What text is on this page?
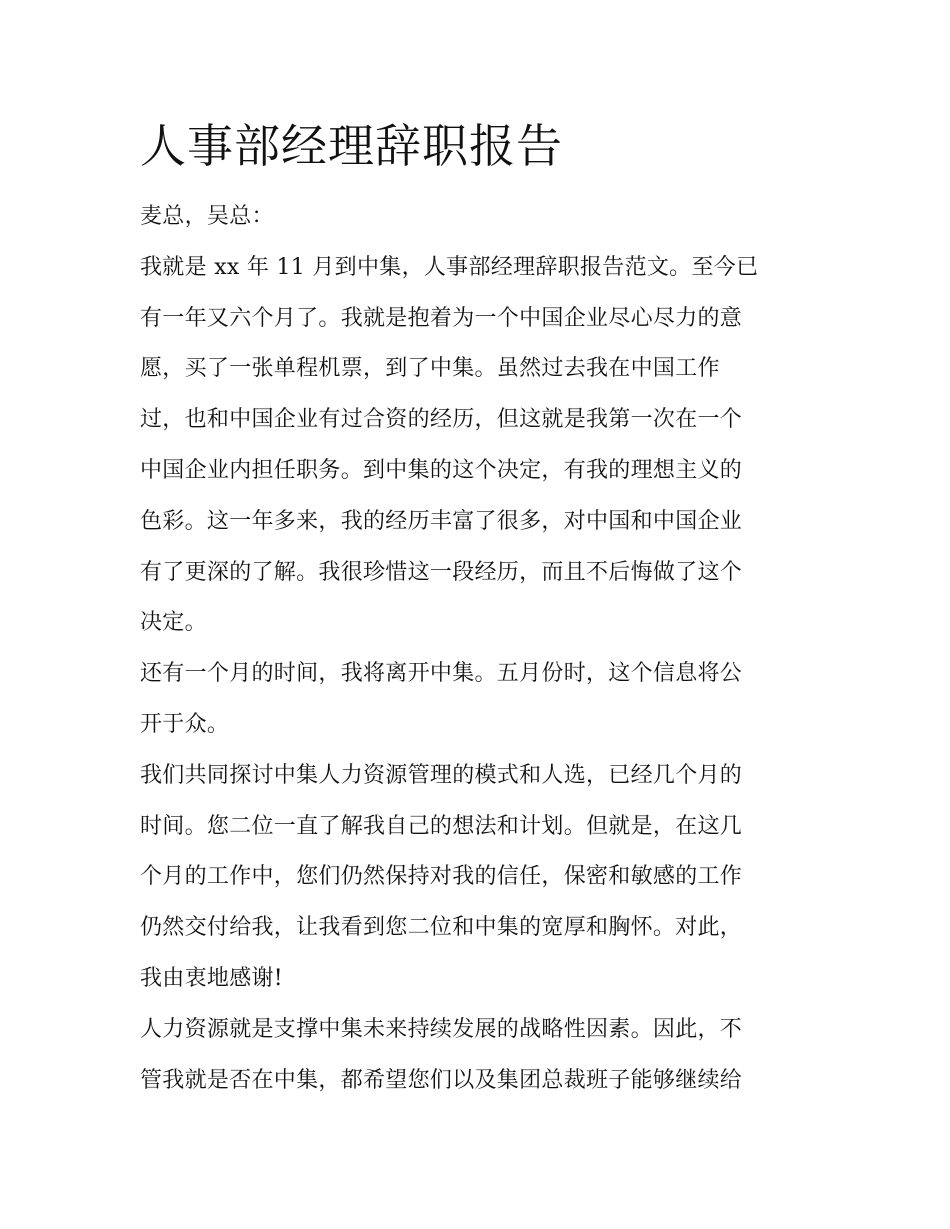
人事部经理辞职报告
麦总，吴总：
我就是 xx 年 11 月到中集，人事部经理辞职报告范文。至今已
有一年又六个月了。我就是抱着为一个中国企业尽心尽力的意
愿，买了一张单程机票，到了中集。虽然过去我在中国工作
过，也和中国企业有过合资的经历，但这就是我第一次在一个
中国企业内担任职务。到中集的这个决定，有我的理想主义的
色彩。这一年多来，我的经历丰富了很多，对中国和中国企业
有了更深的了解。我很珍惜这一段经历，而且不后悔做了这个
决定。
还有一个月的时间，我将离开中集。五月份时，这个信息将公
开于众。
我们共同探讨中集人力资源管理的模式和人选，已经几个月的
时间。您二位一直了解我自己的想法和计划。但就是，在这几
个月的工作中，您们仍然保持对我的信任，保密和敏感的工作
仍然交付给我，让我看到您二位和中集的宽厚和胸怀。对此，
我由衷地感谢!
人力资源就是支撑中集未来持续发展的战略性因素。因此，不
管我就是否在中集，都希望您们以及集团总裁班子能够继续给
